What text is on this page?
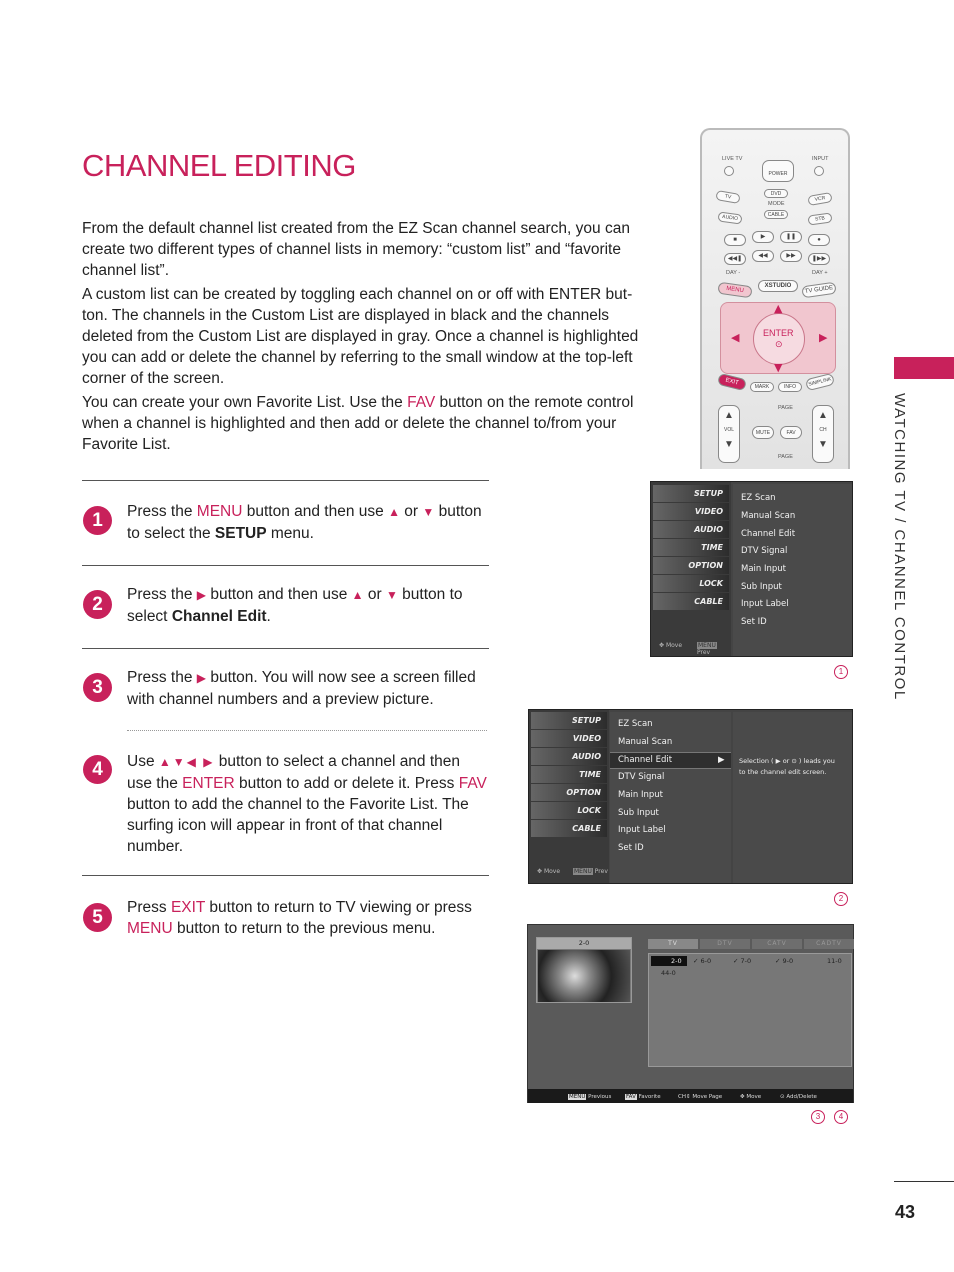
CHANNEL EDITING

From the default channel list created from the EZ Scan channel search, you can create two different types of channel lists in memory: “custom list” and “favorite channel list”.

A custom list can be created by toggling each channel on or off with ENTER but-ton. The channels in the Custom List are displayed in black and the channels deleted from the Custom List are displayed in gray. Once a channel is highlighted you can add or delete the channel by referring to the small window at the top-left corner of the screen.

You can create your own Favorite List. Use the FAV button on the remote control when a channel is highlighted and then add or delete the channel to/from your Favorite List.	WATCHING TV / CHANNEL CONTROL
43
1	Press the MENU button and then use ▲ or ▼ button to select the SETUP menu.
2	Press the ▶ button and then use ▲ or ▼ button to select Channel Edit.
3	Press the ▶ button. You will now see a screen filled with channel numbers and a preview picture.
4	Use ▲▼◀ ▶ button to select a channel and then use the ENTER button to add or delete it. Press FAV button to add the channel to the Favorite List. The surfing icon will appear in front of that channel number.
5	Press EXIT button to return to TV viewing or press MENU button to return to the previous menu.
LIVE TV	INPUT
POWER
TV	DVD
VCR
MODE
AUDIO	CABLE
STB
■	▶	❚❚	●
◀◀❚	◀◀	▶▶	❚▶▶
DAY -	DAY +
MENU	XSTUDIO	TV GUIDE
▲
▼
◀	▶
ENTER
⊙
EXIT
MARK	INFO	SIMPLINK
PAGE
▲
VOL
▼
MUTE	FAV
▲
CH
▼
PAGE
SETUP
VIDEO
AUDIO
TIME
OPTION
LOCK
CABLE
✥ Move	MENU Prev
EZ Scan
Manual Scan
Channel Edit
DTV Signal
Main Input
Sub Input
Input Label
Set ID
1
SETUP
VIDEO
AUDIO
TIME
OPTION
LOCK
CABLE
✥ Move MENU Prev
EZ Scan
Manual Scan
Channel Edit	▶
DTV Signal
Main Input
Sub Input
Input Label
Set ID
Selection ( ▶ or ⊙ ) leads you to the channel edit screen.
2
2-0	TV	DTV	CATV	CADTV
2-0 ✓ 6-0	✓ 7-0	✓ 9-0	11-0
44-0
MENU Previous	FAV Favorite	CH⇕ Move Page	✥ Move	⊙ Add/Delete
3	4
